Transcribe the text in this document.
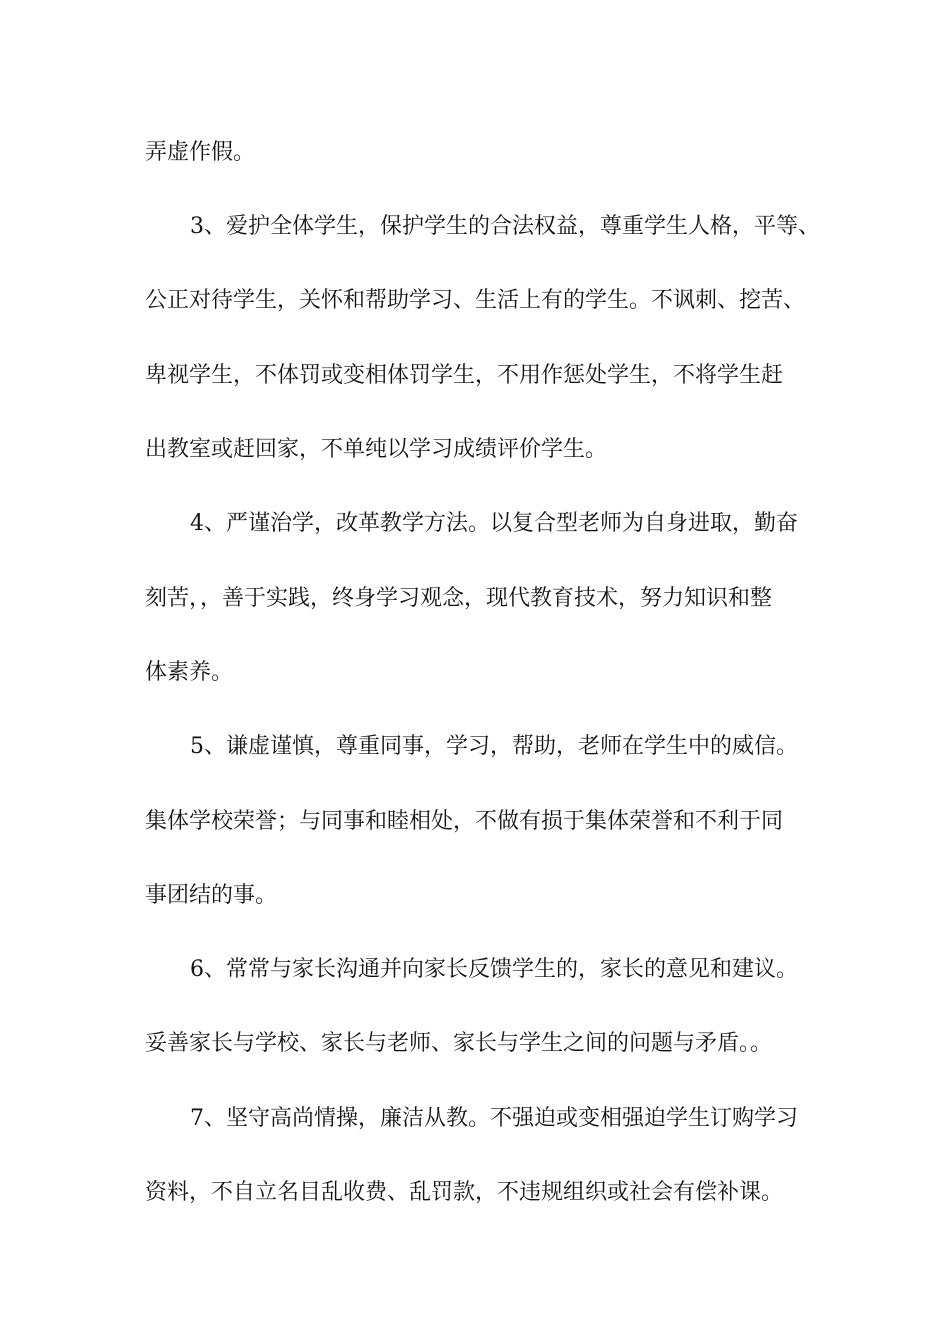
弄虚作假。

3、爱护全体学生，保护学生的合法权益，尊重学生人格，平等、

公正对待学生，关怀和帮助学习、生活上有的学生。不讽刺、挖苦、

卑视学生，不体罚或变相体罚学生，不用作惩处学生，不将学生赶

出教室或赶回家，不单纯以学习成绩评价学生。

4、严谨治学，改革教学方法。以复合型老师为自身进取，勤奋

刻苦，，善于实践，终身学习观念，现代教育技术，努力知识和整

体素养。

5、谦虚谨慎，尊重同事，学习，帮助，老师在学生中的威信。

集体学校荣誉；与同事和睦相处，不做有损于集体荣誉和不利于同

事团结的事。

6、常常与家长沟通并向家长反馈学生的，家长的意见和建议。

妥善家长与学校、家长与老师、家长与学生之间的问题与矛盾。。

7、坚守高尚情操，廉洁从教。不强迫或变相强迫学生订购学习

资料，不自立名目乱收费、乱罚款，不违规组织或社会有偿补课。
